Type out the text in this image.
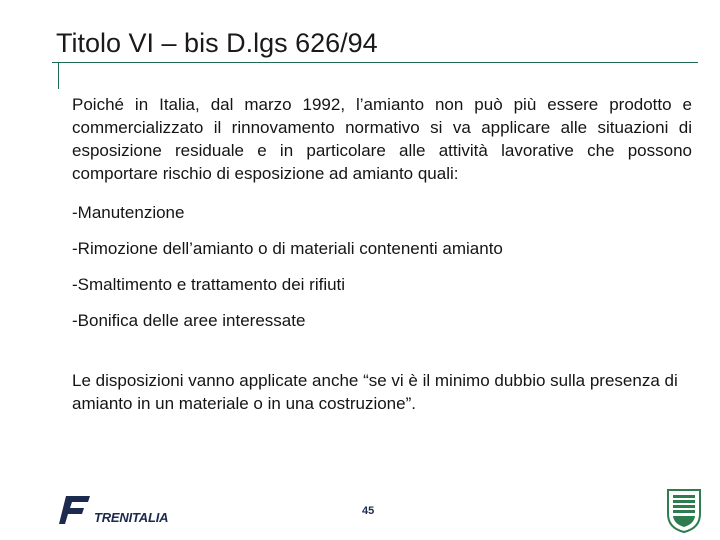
Titolo VI – bis D.lgs 626/94

Poiché in Italia, dal marzo 1992, l’amianto non può più essere prodotto e commercializzato il rinnovamento normativo si va applicare alle situazioni di esposizione residuale e in particolare alle attività lavorative che possono comportare rischio di esposizione ad amianto quali:

-Manutenzione
-Rimozione dell’amianto o di materiali contenenti amianto
-Smaltimento e trattamento dei rifiuti
-Bonifica delle aree interessate

Le disposizioni vanno applicate anche “se vi è il minimo dubbio sulla presenza di amianto in un materiale o in una costruzione”.

TRENITALIA	45
